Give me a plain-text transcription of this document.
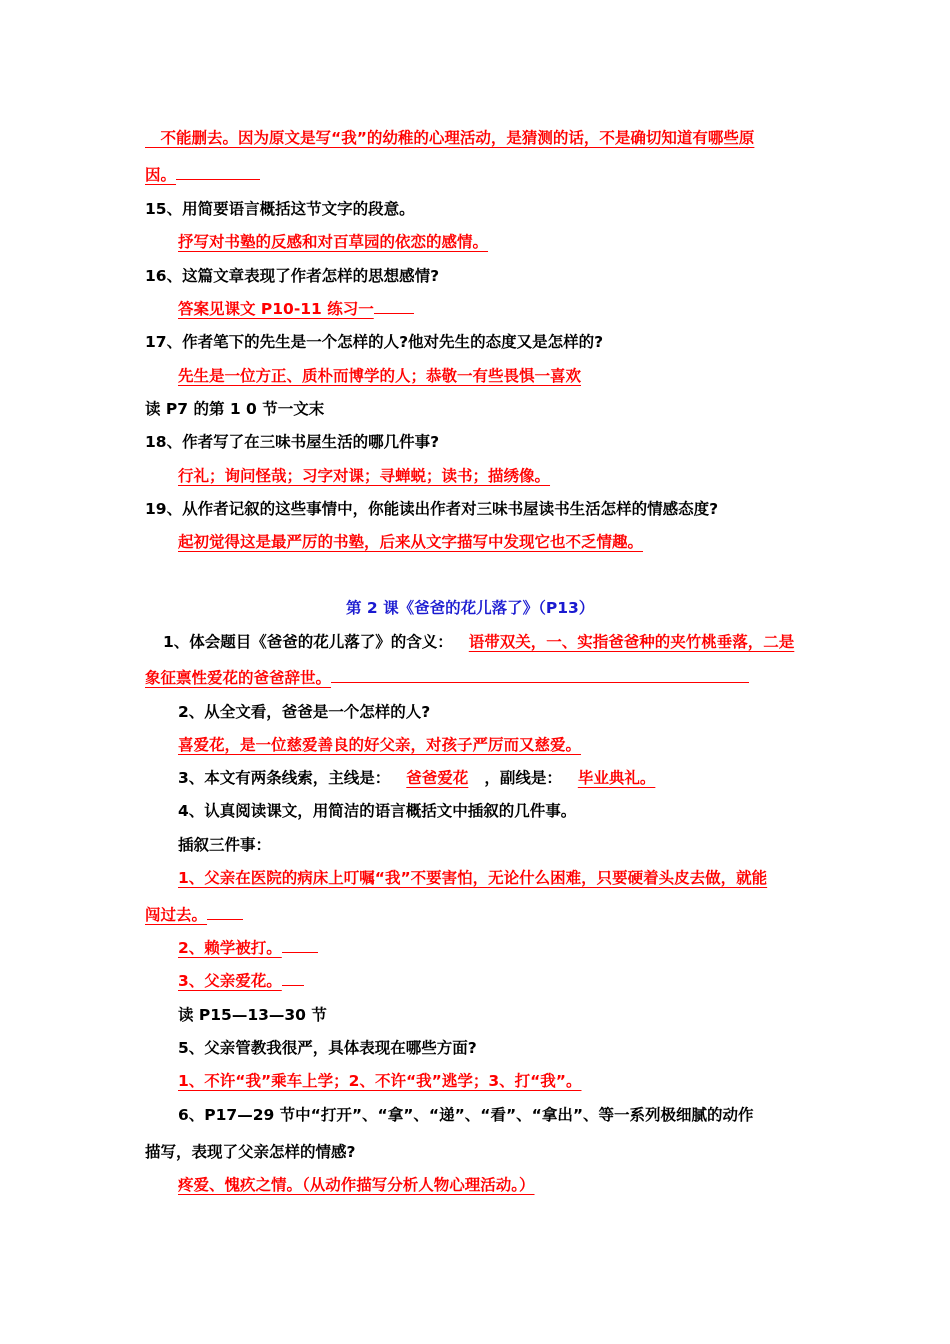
　不能删去。因为原文是写“我”的幼稚的心理活动，是猜测的话，不是确切知道有哪些原
因。
15、用简要语言概括这节文字的段意。
抒写对书塾的反感和对百草园的依恋的感情。
16、这篇文章表现了作者怎样的思想感情?
答案见课文 P10-11 练习一
17、作者笔下的先生是一个怎样的人?他对先生的态度又是怎样的?
先生是一位方正、质朴而博学的人；恭敬一有些畏惧一喜欢
读 P7 的第 1 0 节一文末
18、作者写了在三味书屋生活的哪几件事?
行礼；询问怪哉；习字对课；寻蝉蜕；读书；描绣像。
19、从作者记叙的这些事情中，你能读出作者对三味书屋读书生活怎样的情感态度?
起初觉得这是最严厉的书塾，后来从文字描写中发现它也不乏情趣。
第 2 课《爸爸的花儿落了》（P13）
1、体会题目《爸爸的花儿落了》的含义： 语带双关，一、实指爸爸种的夹竹桃垂落，二是
象征禀性爱花的爸爸辞世。
2、从全文看，爸爸是一个怎样的人?
喜爱花，是一位慈爱善良的好父亲，对孩子严厉而又慈爱。
3、本文有两条线索，主线是： 爸爸爱花 ，副线是： 毕业典礼。
4、认真阅读课文，用简洁的语言概括文中插叙的几件事。
插叙三件事：
1、父亲在医院的病床上叮嘱“我”不要害怕，无论什么困难，只要硬着头皮去做，就能
闯过去。
2、赖学被打。
3、父亲爱花。
读 P15—13—30 节
5、父亲管教我很严，具体表现在哪些方面?
1、不许“我”乘车上学；2、不许“我”逃学；3、打“我”。
6、P17—29 节中“打开”、“拿”、“递”、“看”、“拿出”、等一系列极细腻的动作
描写，表现了父亲怎样的情感?
疼爱、愧疚之情。（从动作描写分析人物心理活动。）
